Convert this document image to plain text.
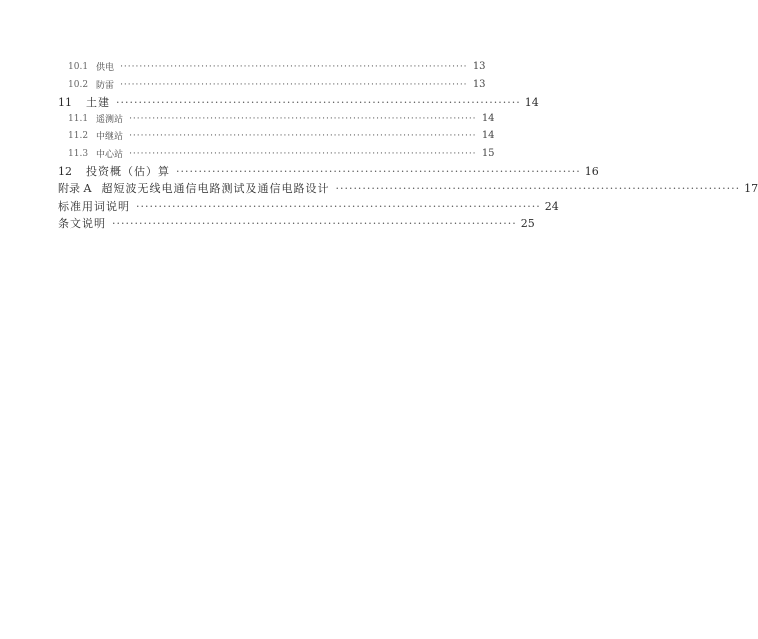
10.1 供电 ·························································································· 13
10.2 防雷 ·························································································· 13
11	土建 ·························································································· 14
11.1 遥测站 ·························································································· 14
11.2 中继站 ·························································································· 14
11.3 中心站 ·························································································· 15
12	投资概（估）算 ·························································································· 16
附录 A 超短波无线电通信电路测试及通信电路设计 ·························································································· 17
标准用词说明 ·························································································· 24
条文说明 ·························································································· 25
